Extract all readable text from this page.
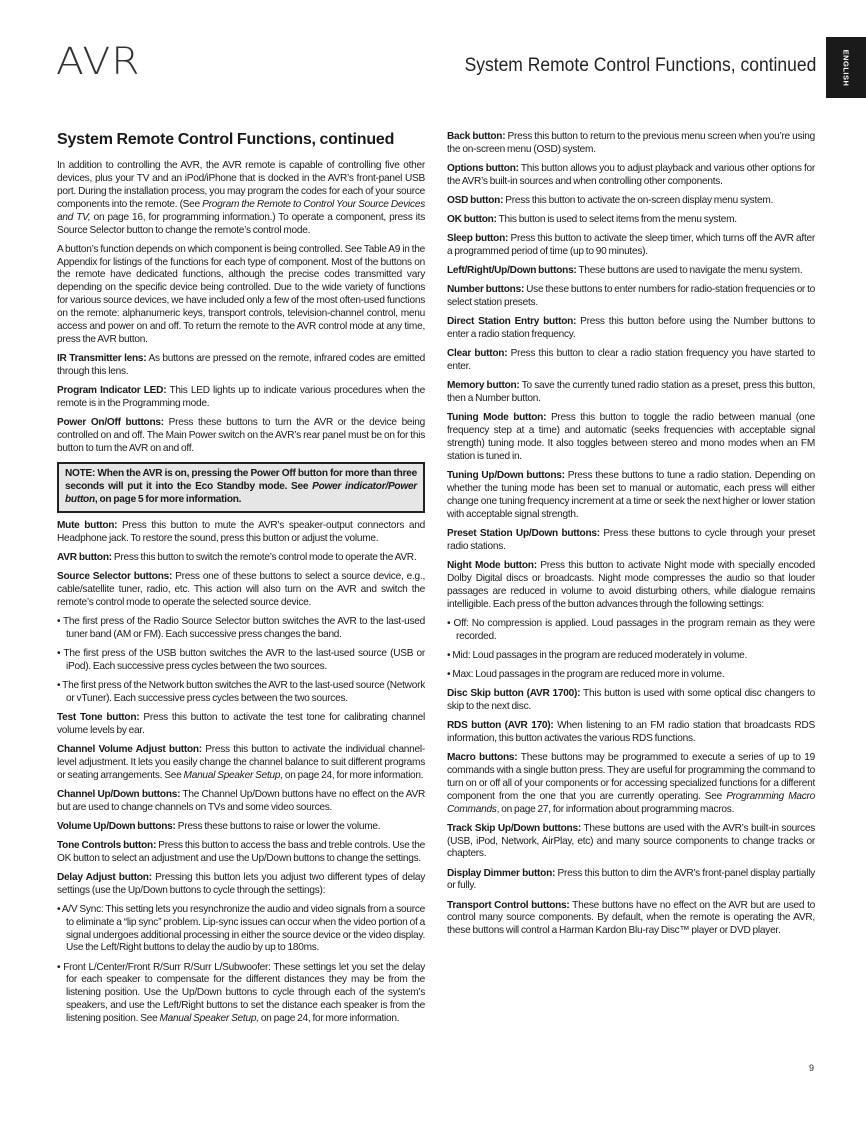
AVR	System Remote Control Functions, continued	ENGLISH
System Remote Control Functions, continued

In addition to controlling the AVR, the AVR remote is capable of controlling five other devices, plus your TV and an iPod/iPhone that is docked in the AVR’s front-panel USB port. During the installation process, you may program the codes for each of your source components into the remote. (See Program the Remote to Control Your Source Devices and TV, on page 16, for programming information.) To operate a component, press its Source Selector button to change the remote’s control mode.

A button’s function depends on which component is being controlled. See Table A9 in the Appendix for listings of the functions for each type of component. Most of the buttons on the remote have dedicated functions, although the precise codes transmitted vary depending on the specific device being controlled. Due to the wide variety of functions for various source devices, we have included only a few of the most often-used functions on the remote: alphanumeric keys, transport controls, television-channel control, menu access and power on and off. To return the remote to the AVR control mode at any time, press the AVR button.

IR Transmitter lens: As buttons are pressed on the remote, infrared codes are emitted through this lens.

Program Indicator LED: This LED lights up to indicate various procedures when the remote is in the Programming mode.

Power On/Off buttons: Press these buttons to turn the AVR or the device being controlled on and off. The Main Power switch on the AVR’s rear panel must be on for this button to turn the AVR on and off.

NOTE: When the AVR is on, pressing the Power Off button for more than three seconds will put it into the Eco Standby mode. See Power indicator/Power button, on page 5 for more information.

Mute button: Press this button to mute the AVR’s speaker-output connectors and Headphone jack. To restore the sound, press this button or adjust the volume.

AVR button: Press this button to switch the remote’s control mode to operate the AVR.

Source Selector buttons: Press one of these buttons to select a source device, e.g., cable/satellite tuner, radio, etc. This action will also turn on the AVR and switch the remote’s control mode to operate the selected source device.

• The first press of the Radio Source Selector button switches the AVR to the last-used tuner band (AM or FM). Each successive press changes the band.

• The first press of the USB button switches the AVR to the last-used source (USB or iPod). Each successive press cycles between the two sources.

• The first press of the Network button switches the AVR to the last-used source (Network or vTuner). Each successive press cycles between the two sources.

Test Tone button: Press this button to activate the test tone for calibrating channel volume levels by ear.

Channel Volume Adjust button: Press this button to activate the individual channel-level adjustment. It lets you easily change the channel balance to suit different programs or seating arrangements. See Manual Speaker Setup, on page 24, for more information.

Channel Up/Down buttons: The Channel Up/Down buttons have no effect on the AVR but are used to change channels on TVs and some video sources.

Volume Up/Down buttons: Press these buttons to raise or lower the volume.

Tone Controls button: Press this button to access the bass and treble controls. Use the OK button to select an adjustment and use the Up/Down buttons to change the settings.

Delay Adjust button: Pressing this button lets you adjust two different types of delay settings (use the Up/Down buttons to cycle through the settings):

• A/V Sync: This setting lets you resynchronize the audio and video signals from a source to eliminate a “lip sync” problem. Lip-sync issues can occur when the video portion of a signal undergoes additional processing in either the source device or the video display. Use the Left/Right buttons to delay the audio by up to 180ms.

• Front L/Center/Front R/Surr R/Surr L/Subwoofer: These settings let you set the delay for each speaker to compensate for the different distances they may be from the listening position. Use the Up/Down buttons to cycle through each of the system’s speakers, and use the Left/Right buttons to set the distance each speaker is from the listening position. See Manual Speaker Setup, on page 24, for more information.

Back button: Press this button to return to the previous menu screen when you’re using the on-screen menu (OSD) system.

Options button: This button allows you to adjust playback and various other options for the AVR’s built-in sources and when controlling other components.

OSD button: Press this button to activate the on-screen display menu system.

OK button: This button is used to select items from the menu system.

Sleep button: Press this button to activate the sleep timer, which turns off the AVR after a programmed period of time (up to 90 minutes).

Left/Right/Up/Down buttons: These buttons are used to navigate the menu system.

Number buttons: Use these buttons to enter numbers for radio-station frequencies or to select station presets.

Direct Station Entry button: Press this button before using the Number buttons to enter a radio station frequency.

Clear button: Press this button to clear a radio station frequency you have started to enter.

Memory button: To save the currently tuned radio station as a preset, press this button, then a Number button.

Tuning Mode button: Press this button to toggle the radio between manual (one frequency step at a time) and automatic (seeks frequencies with acceptable signal strength) tuning mode. It also toggles between stereo and mono modes when an FM station is tuned in.

Tuning Up/Down buttons: Press these buttons to tune a radio station. Depending on whether the tuning mode has been set to manual or automatic, each press will either change one tuning frequency increment at a time or seek the next higher or lower station with acceptable signal strength.

Preset Station Up/Down buttons: Press these buttons to cycle through your preset radio stations.

Night Mode button: Press this button to activate Night mode with specially encoded Dolby Digital discs or broadcasts. Night mode compresses the audio so that louder passages are reduced in volume to avoid disturbing others, while dialogue remains intelligible. Each press of the button advances through the following settings:

• Off: No compression is applied. Loud passages in the program remain as they were recorded.

• Mid: Loud passages in the program are reduced moderately in volume.

• Max: Loud passages in the program are reduced more in volume.

Disc Skip button (AVR 1700): This button is used with some optical disc changers to skip to the next disc.

RDS button (AVR 170): When listening to an FM radio station that broadcasts RDS information, this button activates the various RDS functions.

Macro buttons: These buttons may be programmed to execute a series of up to 19 commands with a single button press. They are useful for programming the command to turn on or off all of your components or for accessing specialized functions for a different component from the one that you are currently operating. See Programming Macro Commands, on page 27, for information about programming macros.

Track Skip Up/Down buttons: These buttons are used with the AVR’s built-in sources (USB, iPod, Network, AirPlay, etc) and many source components to change tracks or chapters.

Display Dimmer button: Press this button to dim the AVR’s front-panel display partially or fully.

Transport Control buttons: These buttons have no effect on the AVR but are used to control many source components. By default, when the remote is operating the AVR, these buttons will control a Harman Kardon Blu-ray Disc™ player or DVD player.

9
